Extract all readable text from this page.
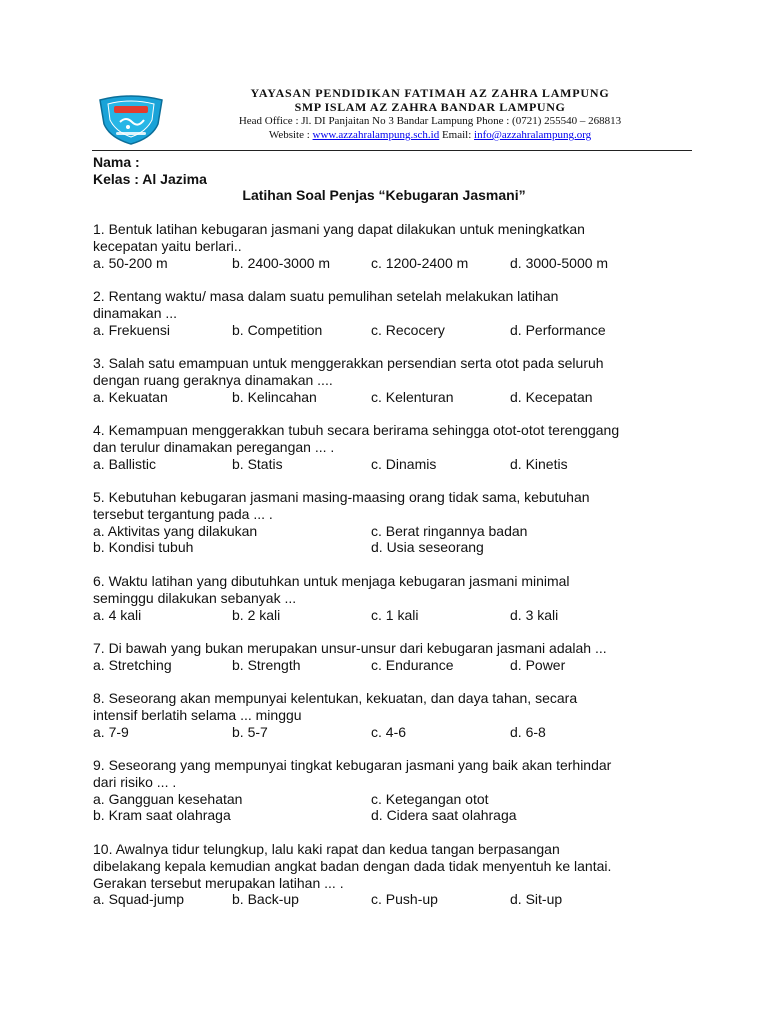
YAYASAN PENDIDIKAN FATIMAH AZ ZAHRA LAMPUNG
SMP ISLAM AZ ZAHRA BANDAR LAMPUNG
Head Office : Jl. DI Panjaitan No 3 Bandar Lampung Phone : (0721) 255540 – 268813
Website : www.azzahralampung.sch.id Email: info@azzahralampung.org
Nama :
Kelas : Al Jazima
Latihan Soal Penjas “Kebugaran Jasmani”
1. Bentuk latihan kebugaran jasmani yang dapat dilakukan untuk meningkatkan
kecepatan yaitu berlari..
a. 50-200 m	b. 2400-3000 m	c. 1200-2400 m	d. 3000-5000 m
2. Rentang waktu/ masa dalam suatu pemulihan setelah melakukan latihan
dinamakan ...
a. Frekuensi	b. Competition	c. Recocery	d. Performance
3. Salah satu emampuan untuk menggerakkan persendian serta otot pada seluruh
dengan ruang geraknya dinamakan ....
a. Kekuatan	b. Kelincahan	c. Kelenturan	d. Kecepatan
4. Kemampuan menggerakkan tubuh secara berirama sehingga otot-otot terenggang
dan terulur dinamakan peregangan ... .
a. Ballistic	b. Statis	c. Dinamis	d. Kinetis
5. Kebutuhan kebugaran jasmani masing-maasing orang tidak sama, kebutuhan
tersebut tergantung pada ... .
a. Aktivitas yang dilakukan	c. Berat ringannya badan
b. Kondisi tubuh	d. Usia seseorang
6. Waktu latihan yang dibutuhkan untuk menjaga kebugaran jasmani minimal
seminggu dilakukan sebanyak ...
a. 4 kali	b. 2 kali	c. 1 kali	d. 3 kali
7. Di bawah yang bukan merupakan unsur-unsur dari kebugaran jasmani adalah ...
a. Stretching	b. Strength	c. Endurance	d. Power
8. Seseorang akan mempunyai kelentukan, kekuatan, dan daya tahan, secara
intensif berlatih selama ... minggu
a. 7-9	b. 5-7	c. 4-6	d. 6-8
9. Seseorang yang mempunyai tingkat kebugaran jasmani yang baik akan terhindar
dari risiko ... .
a. Gangguan kesehatan	c. Ketegangan otot
b. Kram saat olahraga	d. Cidera saat olahraga
10. Awalnya tidur telungkup, lalu kaki rapat dan kedua tangan berpasangan
dibelakang kepala kemudian angkat badan dengan dada tidak menyentuh ke lantai.
Gerakan tersebut merupakan latihan ... .
a. Squad-jump	b. Back-up	c. Push-up	d. Sit-up
